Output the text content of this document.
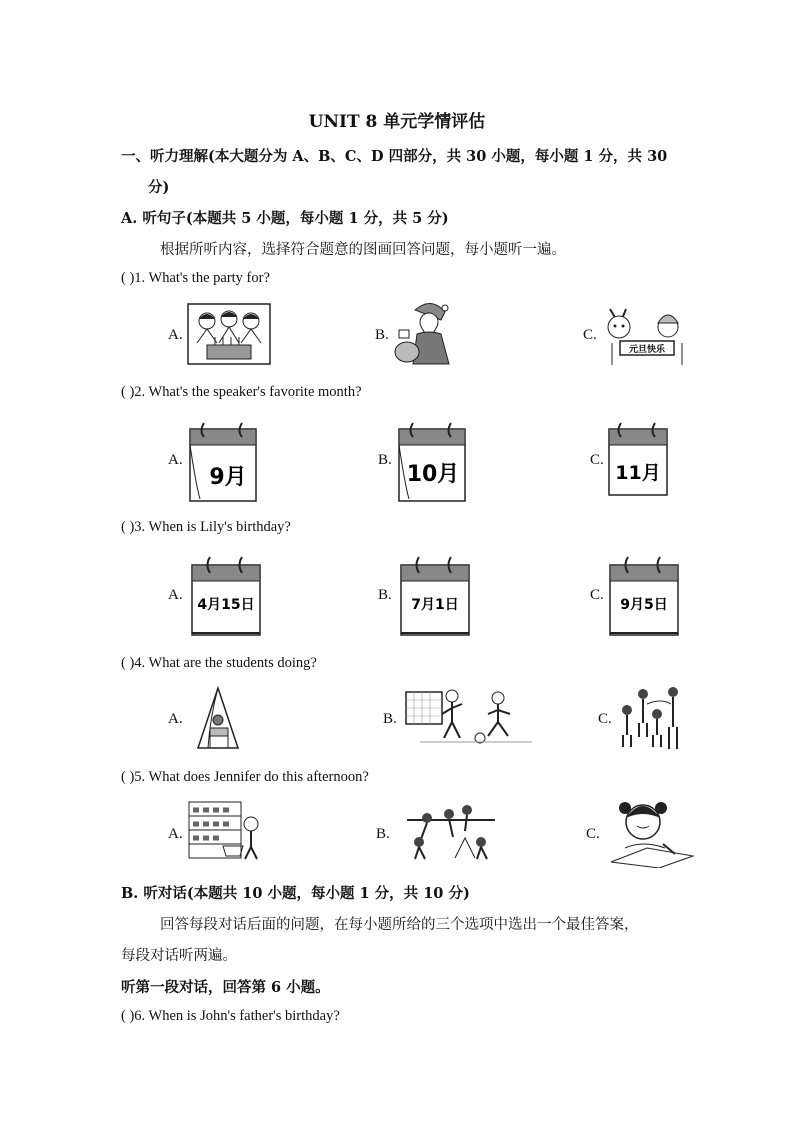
UNIT 8 单元学情评估
一、听力理解(本大题分为 A、B、C、D 四部分，共 30 小题，每小题 1 分，共 30
分)
A. 听句子(本题共 5 小题，每小题 1 分，共 5 分)
根据所听内容，选择符合题意的图画回答问题，每小题听一遍。
( )1. What's the party for?
A.	B.	C.
元旦快乐
( )2. What's the speaker's favorite month?
A.	B.	C.
9月	10月	11月
( )3. When is Lily's birthday?
A.	B.	C.
4月15日	7月1日	9月5日
( )4. What are the students doing?
A.	B.	C.
( )5. What does Jennifer do this afternoon?
A.	B.	C.
B. 听对话(本题共 10 小题，每小题 1 分，共 10 分)
回答每段对话后面的问题，在每小题所给的三个选项中选出一个最佳答案，
每段对话听两遍。
听第一段对话，回答第 6 小题。
( )6. When is John's father's birthday?
